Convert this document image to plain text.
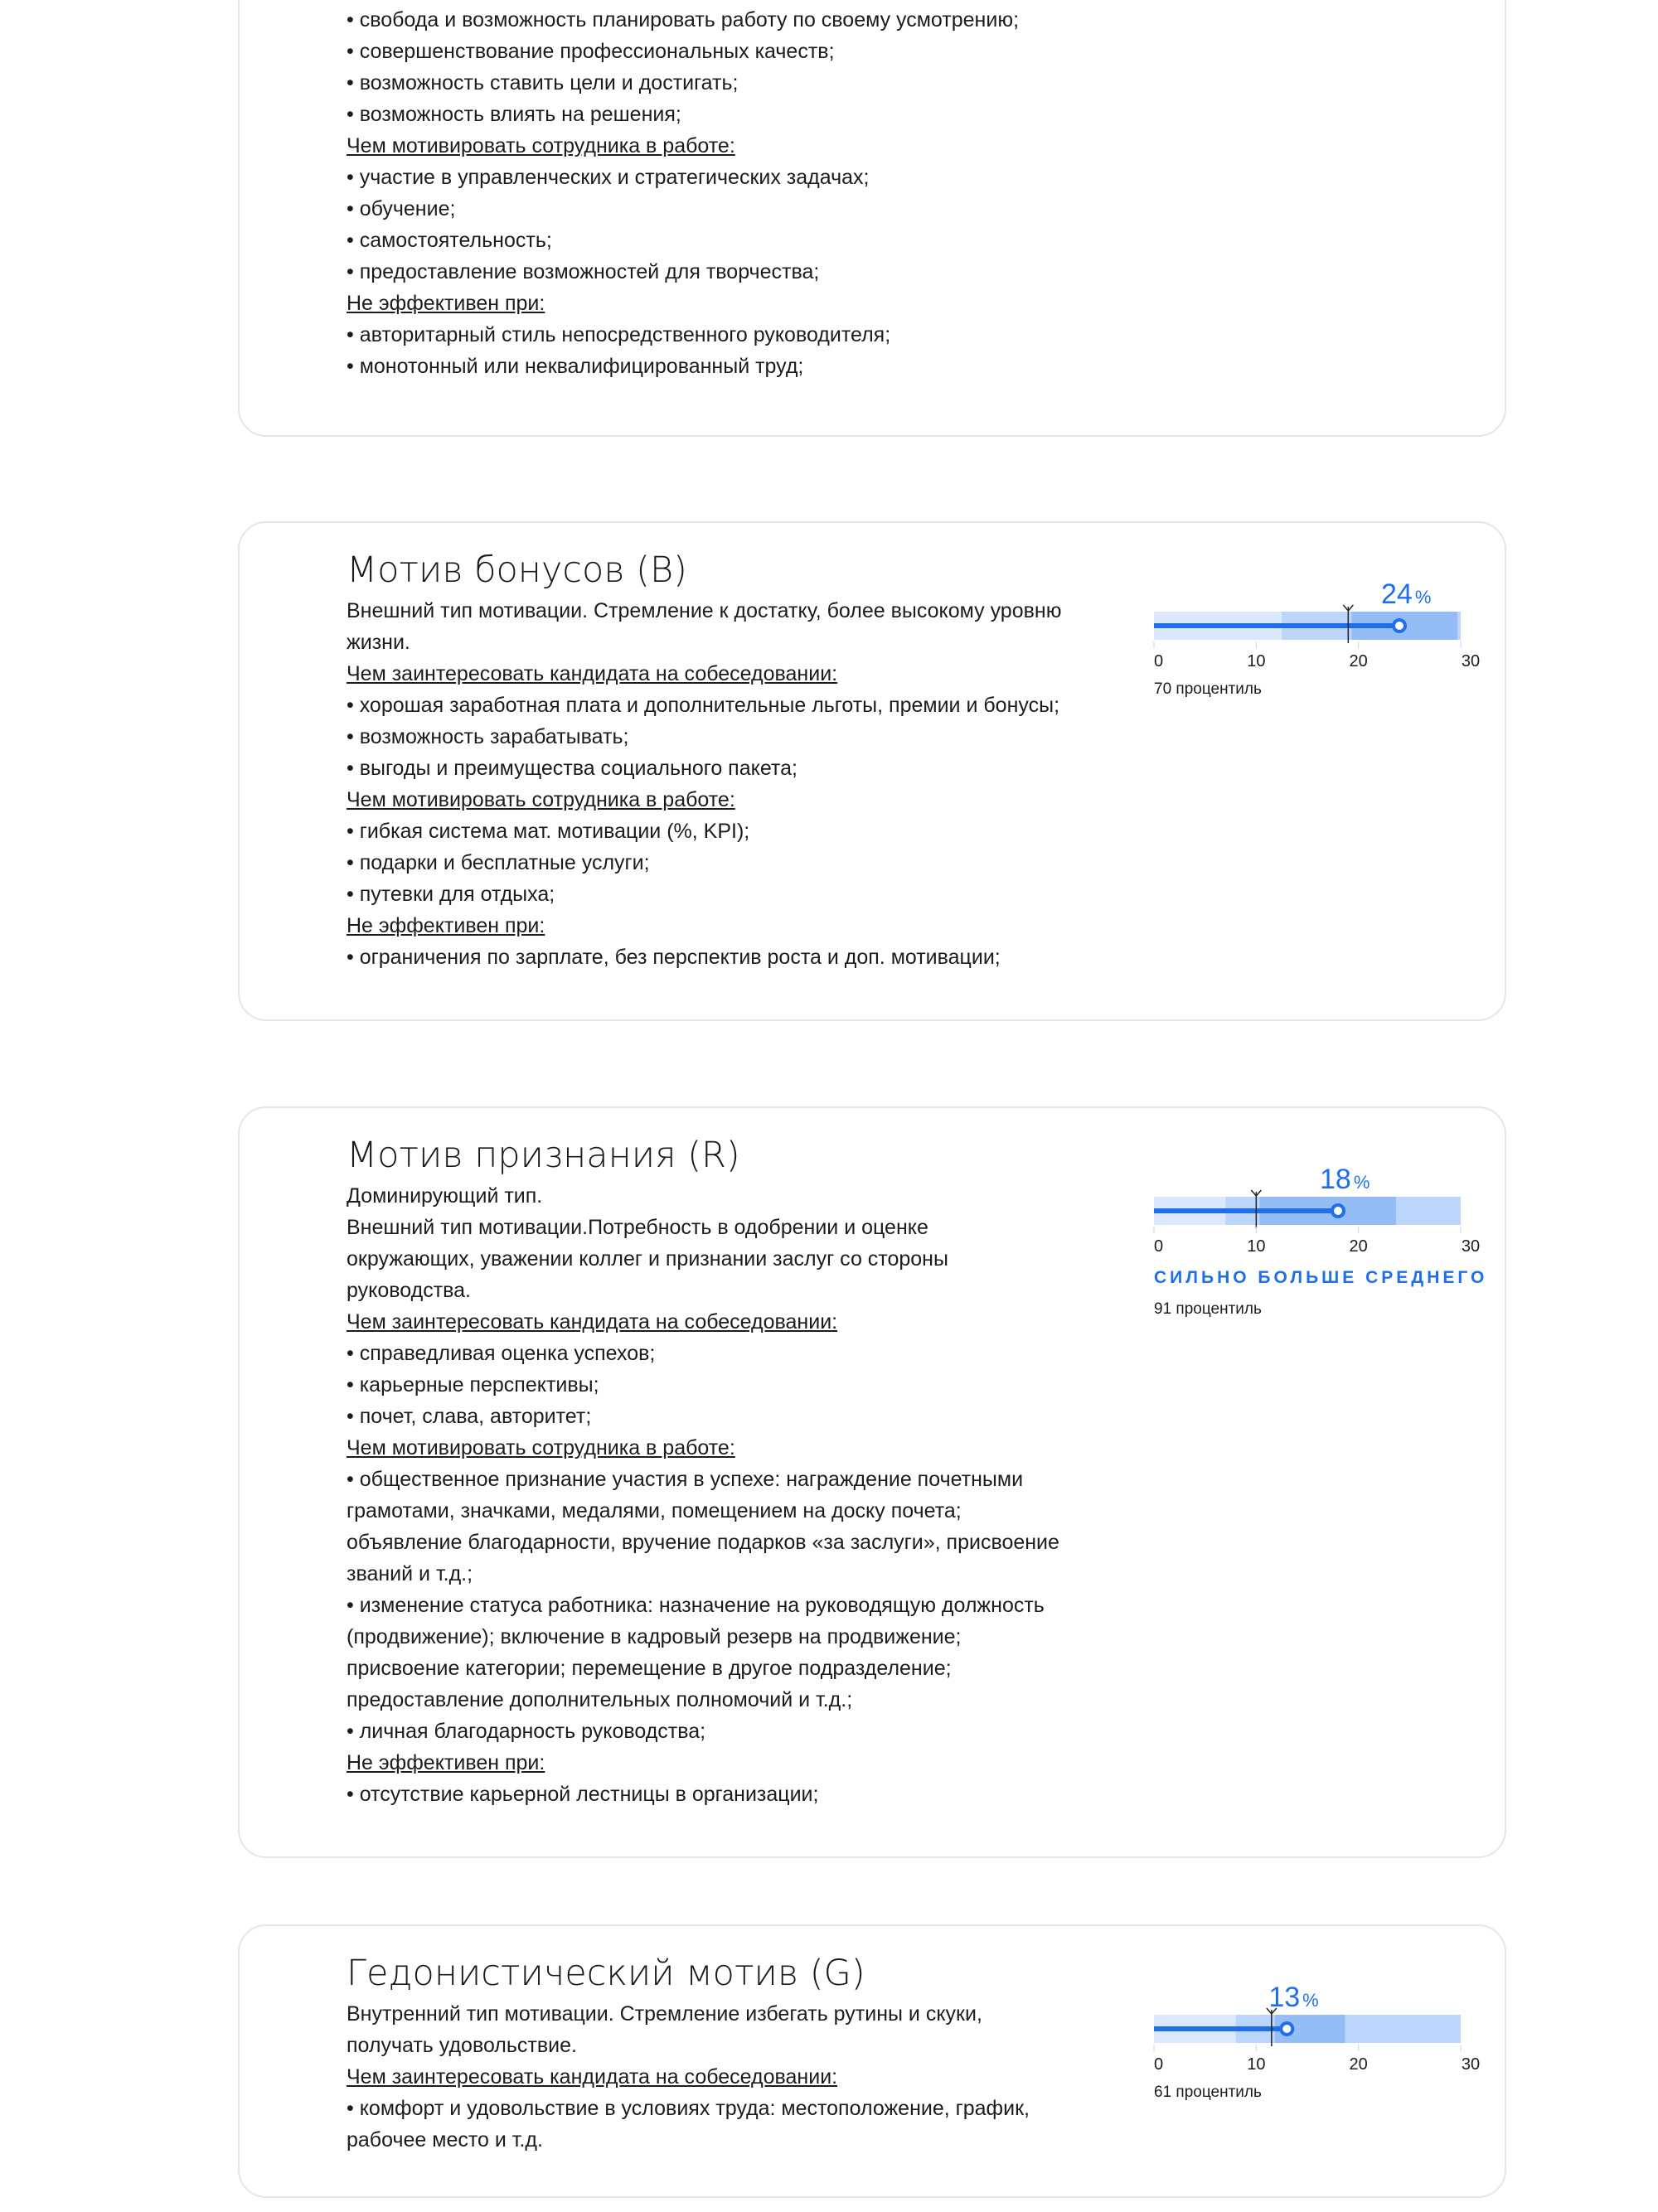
• свобода и возможность планировать работу по своему усмотрению;
• совершенствование профессиональных качеств;
• возможность ставить цели и достигать;
• возможность влиять на решения;
Чем мотивировать сотрудника в работе:
• участие в управленческих и стратегических задачах;
• обучение;
• самостоятельность;
• предоставление возможностей для творчества;
Не эффективен при:
• авторитарный стиль непосредственного руководителя;
• монотонный или неквалифицированный труд;
Мотив бонусов (B)
Внешний тип мотивации. Стремление к достатку, более высокому уровню
жизни.
Чем заинтересовать кандидата на собеседовании:
• хорошая заработная плата и дополнительные льготы, премии и бонусы;
• возможность зарабатывать;
• выгоды и преимущества социального пакета;
Чем мотивировать сотрудника в работе:
• гибкая система мат. мотивации (%, KPI);
• подарки и бесплатные услуги;
• путевки для отдыха;
Не эффективен при:
• ограничения по зарплате, без перспектив роста и доп. мотивации;
24 %
0	10	20	30
70 процентиль
Мотив признания (R)
Доминирующий тип.
Внешний тип мотивации.Потребность в одобрении и оценке
окружающих, уважении коллег и признании заслуг со стороны
руководства.
Чем заинтересовать кандидата на собеседовании:
• справедливая оценка успехов;
• карьерные перспективы;
• почет, слава, авторитет;
Чем мотивировать сотрудника в работе:
• общественное признание участия в успехе: награждение почетными
грамотами, значками, медалями, помещением на доску почета;
объявление благодарности, вручение подарков «за заслуги», присвоение
званий и т.д.;
• изменение статуса работника: назначение на руководящую должность
(продвижение); включение в кадровый резерв на продвижение;
присвоение категории; перемещение в другое подразделение;
предоставление дополнительных полномочий и т.д.;
• личная благодарность руководства;
Не эффективен при:
• отсутствие карьерной лестницы в организации;
18 %
0	10	20	30
СИЛЬНО БОЛЬШЕ СРЕДНЕГО
91 процентиль
Гедонистический мотив (G)
Внутренний тип мотивации. Стремление избегать рутины и скуки,
получать удовольствие.
Чем заинтересовать кандидата на собеседовании:
• комфорт и удовольствие в условиях труда: местоположение, график,
рабочее место и т.д.
13 %
0	10	20	30
61 процентиль
